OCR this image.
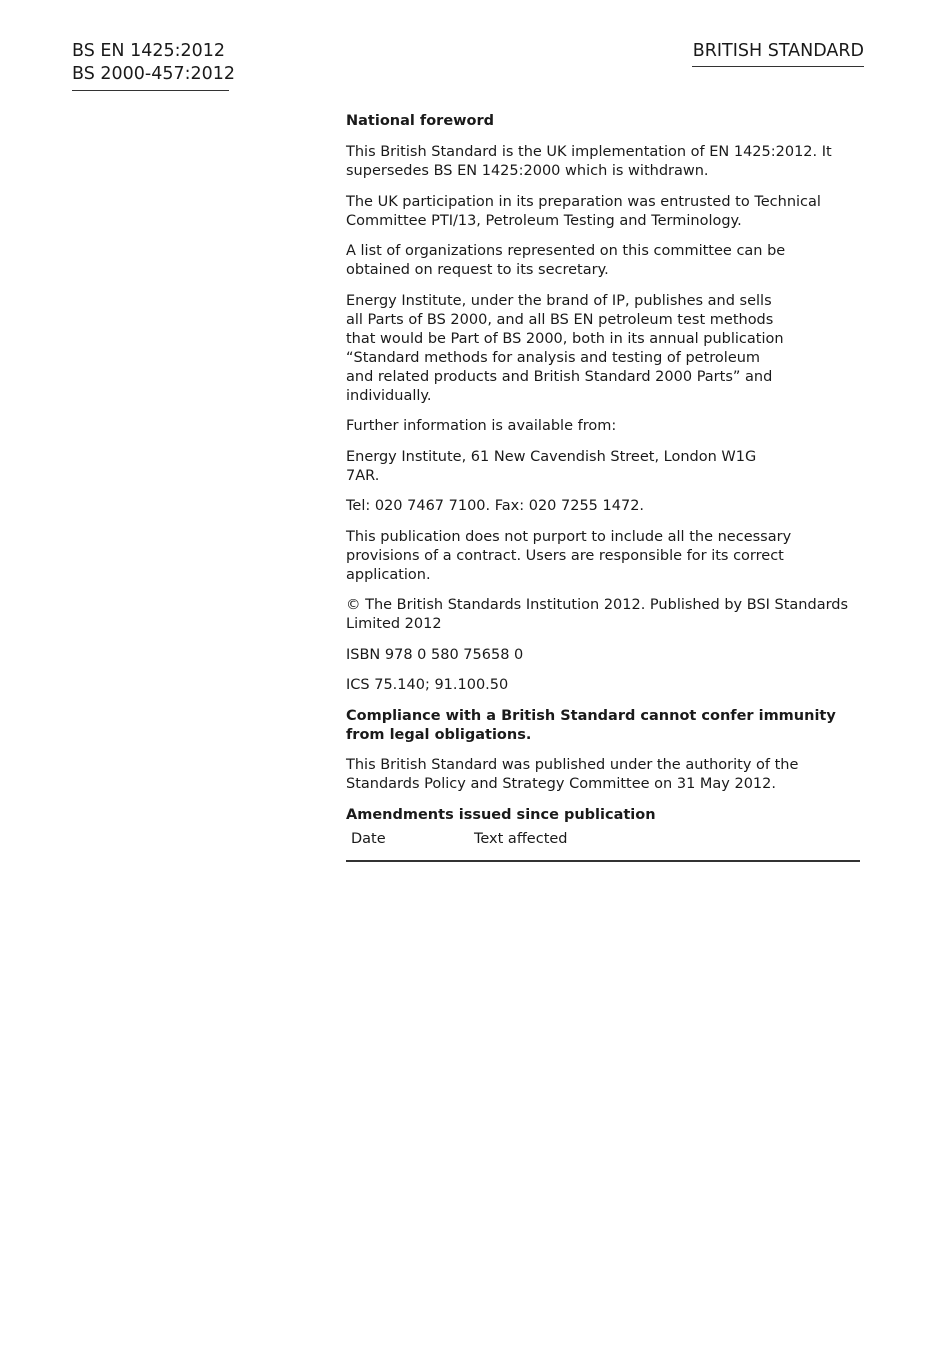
BS EN 1425:2012
BS 2000-457:2012
BRITISH STANDARD
National foreword

This British Standard is the UK implementation of EN 1425:2012. It supersedes BS EN 1425:2000 which is withdrawn.

The UK participation in its preparation was entrusted to Technical Committee PTI/13, Petroleum Testing and Terminology.

A list of organizations represented on this committee can be obtained on request to its secretary.

Energy Institute, under the brand of IP, publishes and sells all Parts of BS 2000, and all BS EN petroleum test methods that would be Part of BS 2000, both in its annual publication “Standard methods for analysis and testing of petroleum and related products and British Standard 2000 Parts” and individually.

Further information is available from:

Energy Institute, 61 New Cavendish Street, London W1G 7AR.

Tel: 020 7467 7100. Fax: 020 7255 1472.

This publication does not purport to include all the necessary provisions of a contract. Users are responsible for its correct application.

© The British Standards Institution 2012. Published by BSI Standards Limited 2012

ISBN 978 0 580 75658 0

ICS 75.140; 91.100.50

Compliance with a British Standard cannot confer immunity from legal obligations.

This British Standard was published under the authority of the Standards Policy and Strategy Committee on 31 May 2012.

Amendments issued since publication
Date	Text affected
